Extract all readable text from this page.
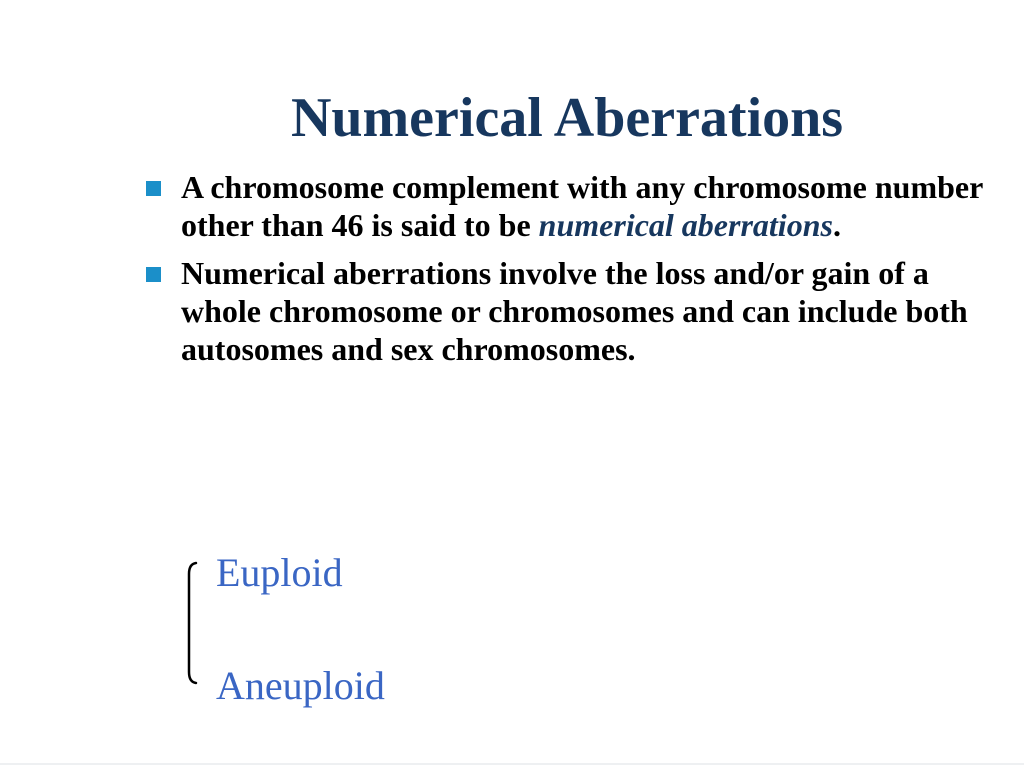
Numerical Aberrations
A chromosome complement with any chromosome number other than 46 is said to be numerical aberrations.
Numerical aberrations involve the loss and/or gain of a whole chromosome or chromosomes and can include both autosomes and sex chromosomes.

Euploid

Aneuploid
